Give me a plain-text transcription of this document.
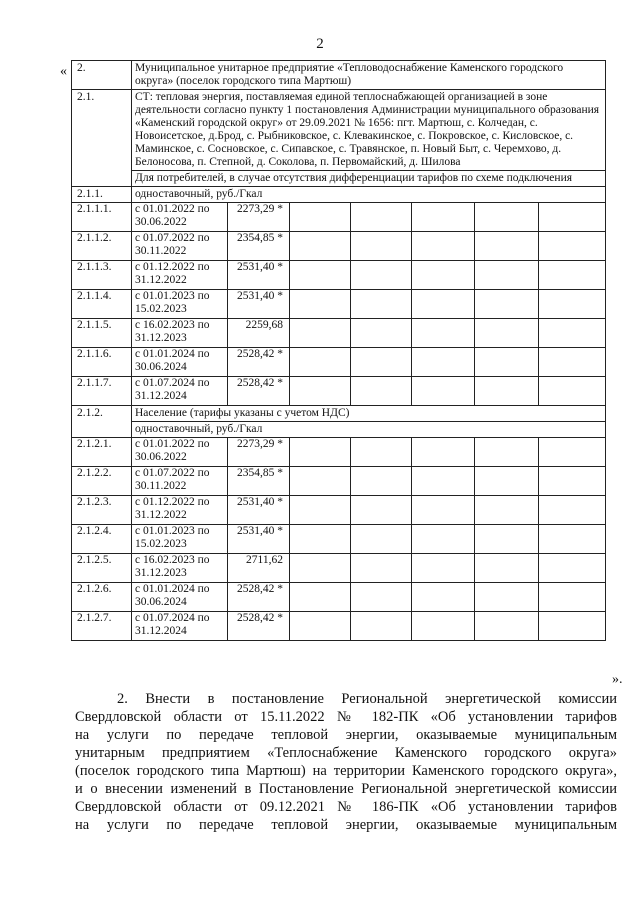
2
« 2.	Муниципальное унитарное предприятие «Тепловодоснабжение Каменского городского округа» (поселок городского типа Мартюш)						
2.1.	СТ: тепловая энергия, поставляемая единой теплоснабжающей организацией в зоне деятельности согласно пункту 1 постановления Администрации муниципального образования «Каменский городской округ» от 29.09.2021 № 1656: пгт. Мартюш, с. Колчедан, с. Новоисетское, д.Брод, с. Рыбниковское, с. Клевакинское, с. Покровское, с. Кисловское, с. Маминское, с. Сосновское, с. Сипавское, с. Травянское, п. Новый Быт, с. Черемхово, д. Белоносова, п. Степной, д. Соколова, п. Первомайский, д. Шилова						
	Для потребителей, в случае отсутствия дифференциации тарифов по схеме подключения						
2.1.1.	одноставочный, руб./Гкал						
2.1.1.1.	с 01.01.2022 по 30.06.2022	2273,29 *					
2.1.1.2.	с 01.07.2022 по 30.11.2022	2354,85 *					
2.1.1.3.	с 01.12.2022 по 31.12.2022	2531,40 *					
2.1.1.4.	с 01.01.2023 по 15.02.2023	2531,40 *					
2.1.1.5.	с 16.02.2023 по 31.12.2023	2259,68					
2.1.1.6.	с 01.01.2024 по 30.06.2024	2528,42 *					
2.1.1.7.	с 01.07.2024 по 31.12.2024	2528,42 *					
2.1.2.	Население (тарифы указаны с учетом НДС)						
	одноставочный, руб./Гкал						
2.1.2.1.	с 01.01.2022 по 30.06.2022	2273,29 *					
2.1.2.2.	с 01.07.2022 по 30.11.2022	2354,85 *					
2.1.2.3.	с 01.12.2022 по 31.12.2022	2531,40 *					
2.1.2.4.	с 01.01.2023 по 15.02.2023	2531,40 *					
2.1.2.5.	с 16.02.2023 по 31.12.2023	2711,62					
2.1.2.6.	с 01.01.2024 по 30.06.2024	2528,42 *					
2.1.2.7.	с 01.07.2024 по 31.12.2024	2528,42 *					
».

2. Внести в постановление Региональной энергетической комиссии

Свердловской области от 15.11.2022 № 182-ПК «Об установлении тарифов

на услуги по передаче тепловой энергии, оказываемые муниципальным

унитарным предприятием «Теплоснабжение Каменского городского округа»

(поселок городского типа Мартюш) на территории Каменского городского округа»,

и о внесении изменений в Постановление Региональной энергетической комиссии

Свердловской области от 09.12.2021 № 186-ПК «Об установлении тарифов

на услуги по передаче тепловой энергии, оказываемые муниципальным
